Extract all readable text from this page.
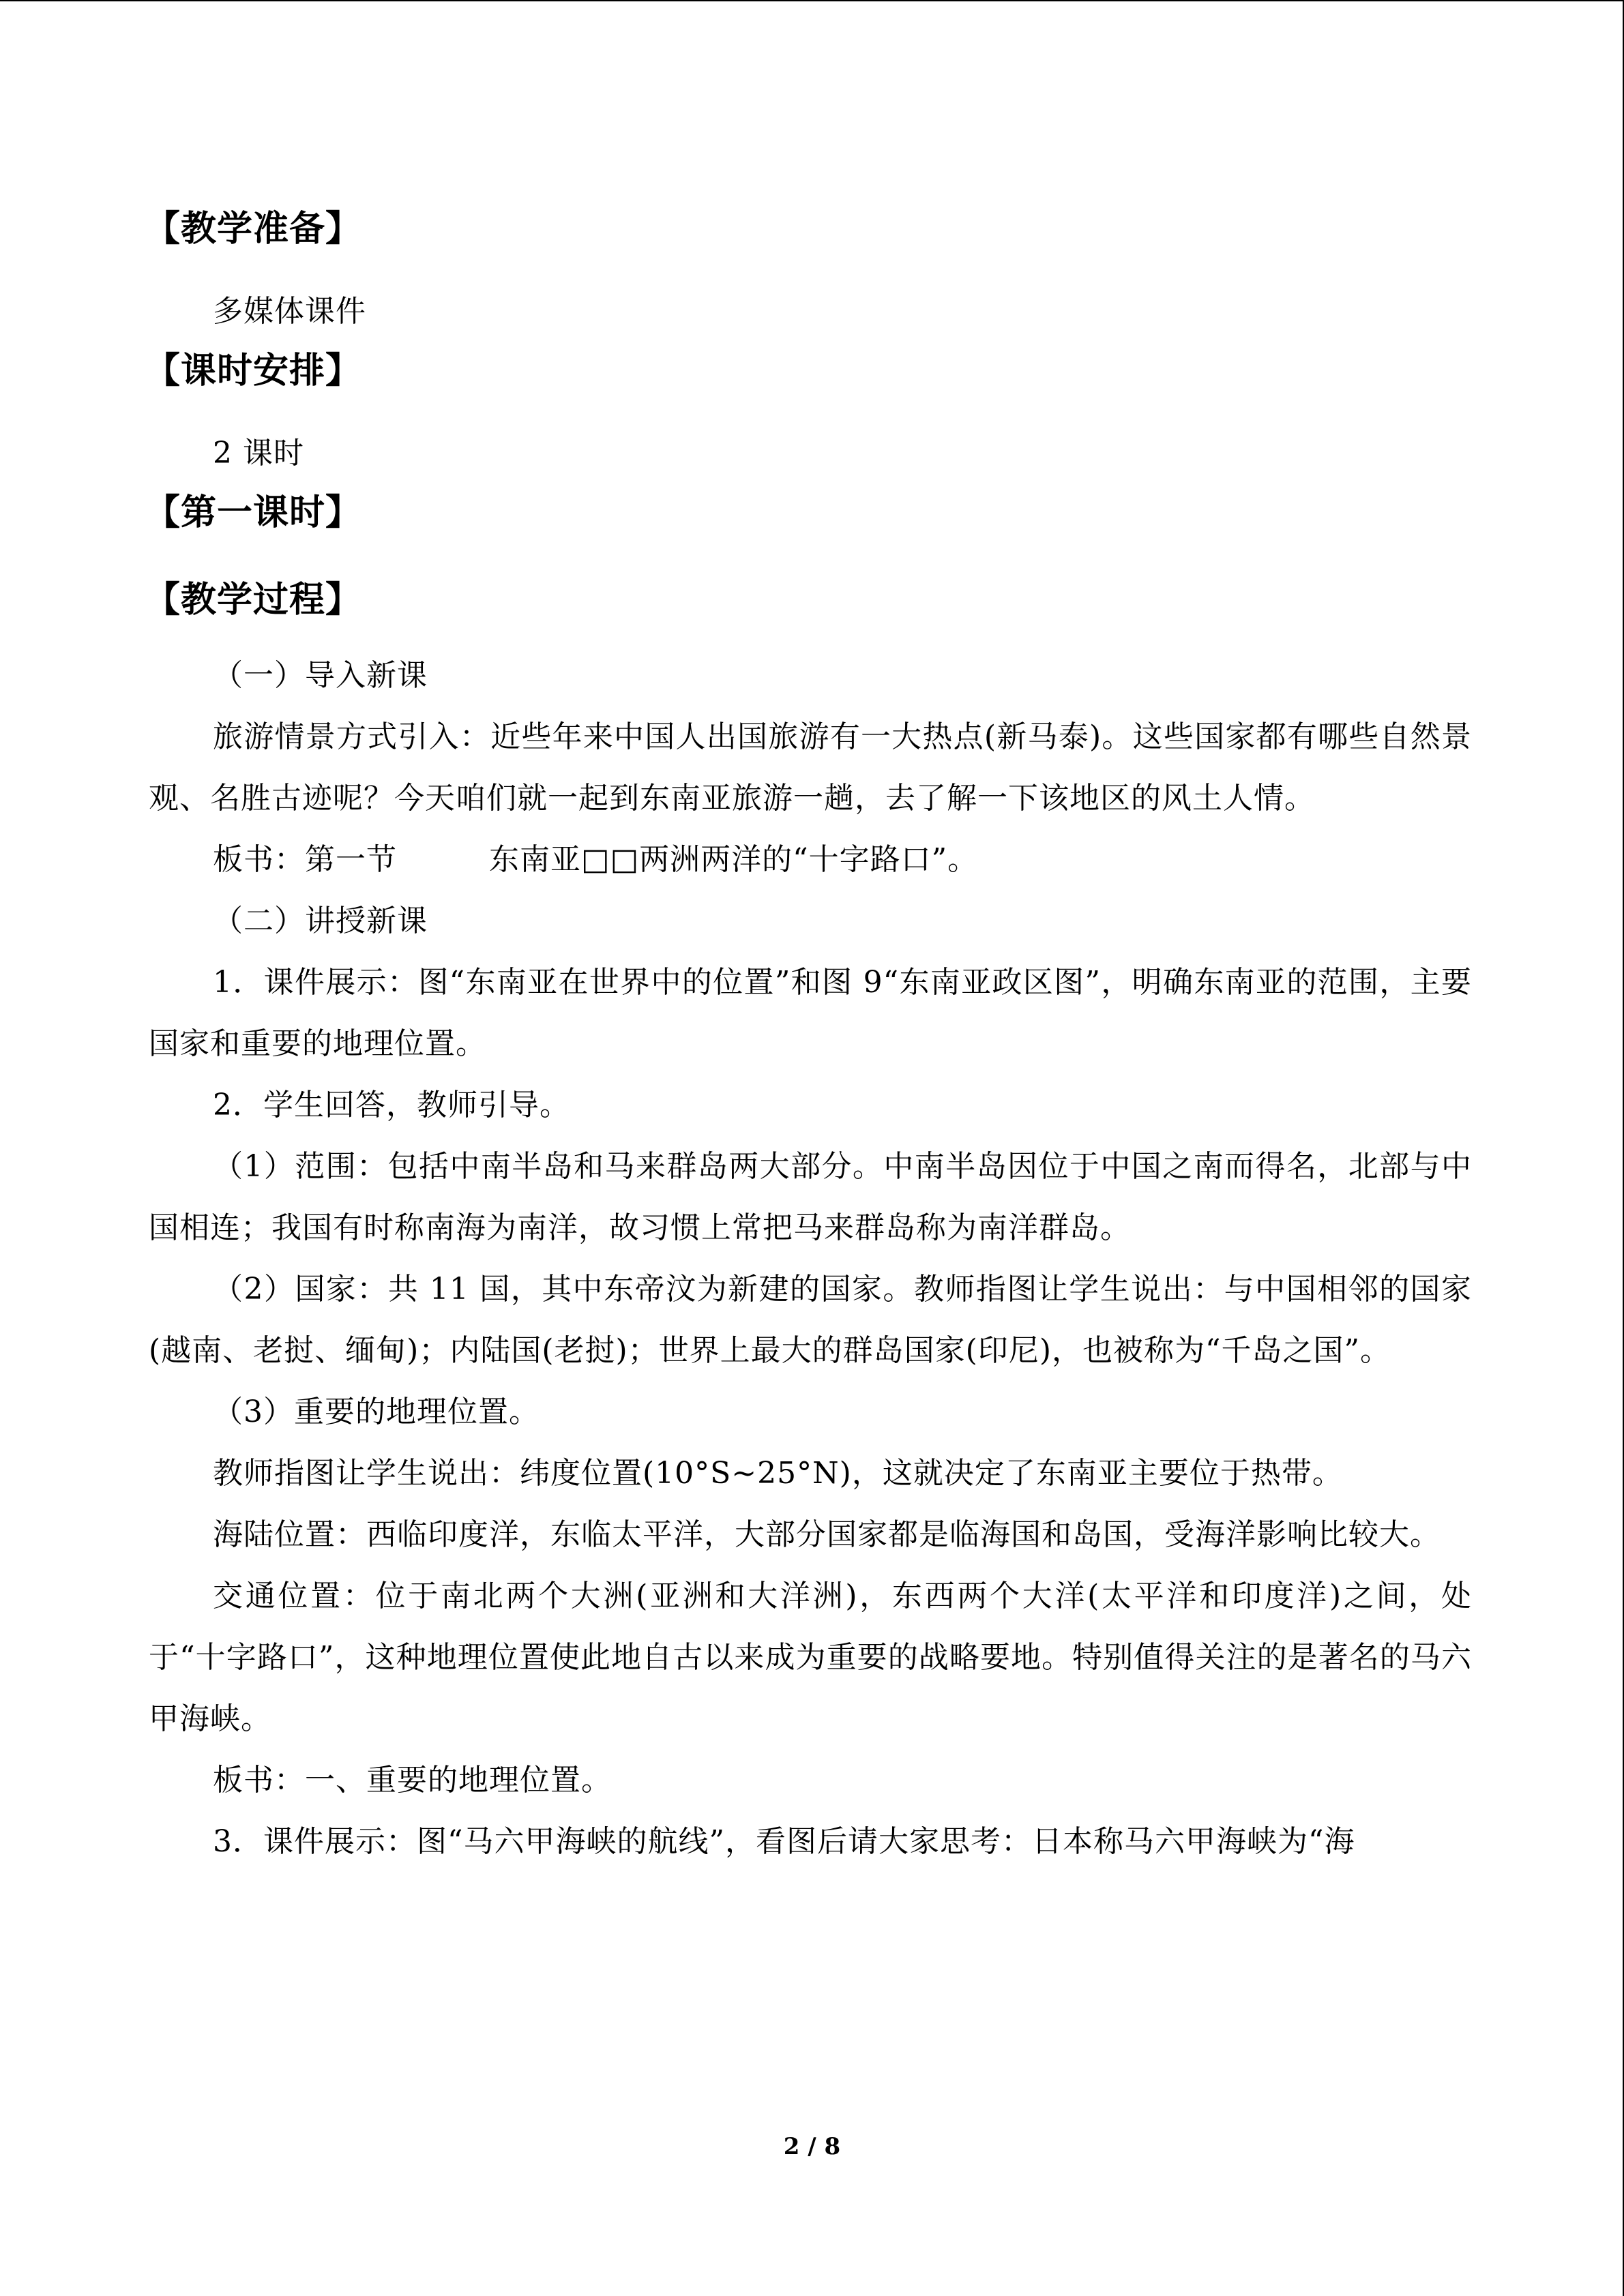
【教学准备】

多媒体课件

【课时安排】

2 课时

【第一课时】
【教学过程】

（一）导入新课

旅游情景方式引入：近些年来中国人出国旅游有一大热点(新马泰)。这些国家都有哪些自然景观、名胜古迹呢？今天咱们就一起到东南亚旅游一趟，去了解一下该地区的风土人情。

板书：第一节　　　东南亚□□两洲两洋的“十字路口”。

（二）讲授新课

1．课件展示：图“东南亚在世界中的位置”和图 9“东南亚政区图”，明确东南亚的范围，主要国家和重要的地理位置。

2．学生回答，教师引导。

（1）范围：包括中南半岛和马来群岛两大部分。中南半岛因位于中国之南而得名，北部与中国相连；我国有时称南海为南洋，故习惯上常把马来群岛称为南洋群岛。

（2）国家：共 11 国，其中东帝汶为新建的国家。教师指图让学生说出：与中国相邻的国家(越南、老挝、缅甸)；内陆国(老挝)；世界上最大的群岛国家(印尼)，也被称为“千岛之国”。

（3）重要的地理位置。

教师指图让学生说出：纬度位置(10°S~25°N)，这就决定了东南亚主要位于热带。

海陆位置：西临印度洋，东临太平洋，大部分国家都是临海国和岛国，受海洋影响比较大。

交通位置：位于南北两个大洲(亚洲和大洋洲)，东西两个大洋(太平洋和印度洋)之间，处于“十字路口”，这种地理位置使此地自古以来成为重要的战略要地。特别值得关注的是著名的马六甲海峡。

板书：一、重要的地理位置。

3．课件展示：图“马六甲海峡的航线”，看图后请大家思考：日本称马六甲海峡为“海

2 / 8
